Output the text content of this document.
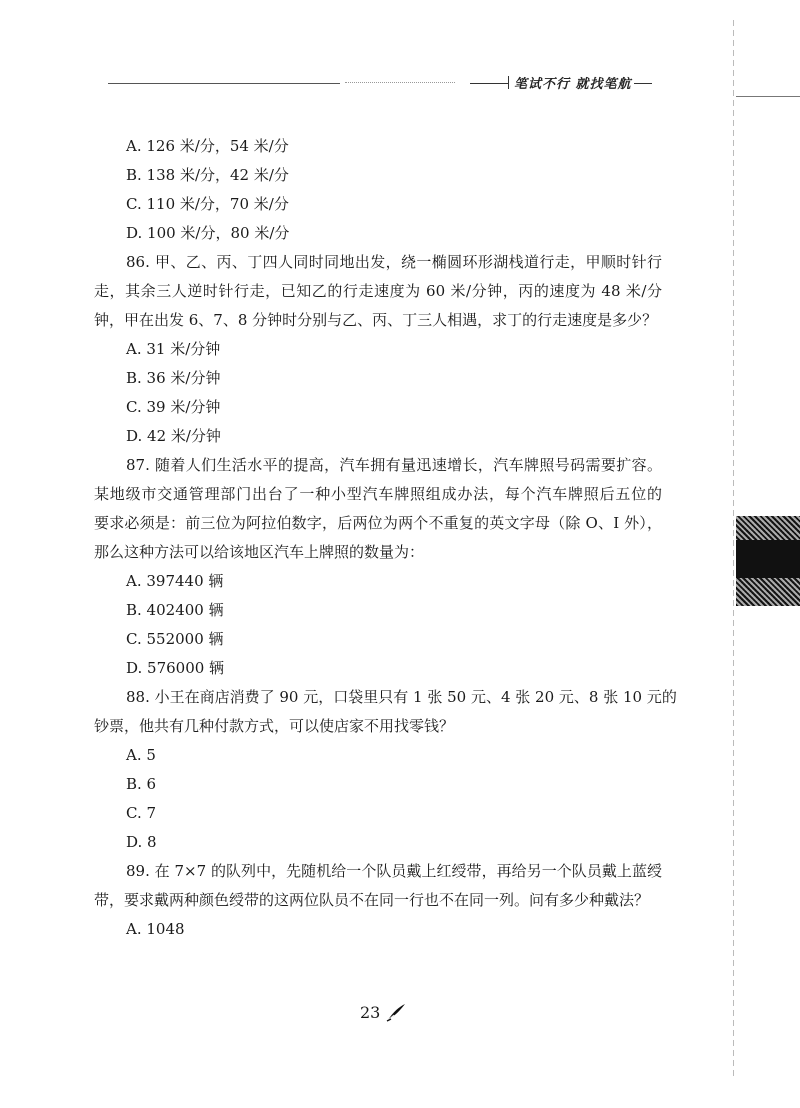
笔试不行 就找笔航
A. 126 米/分，54 米/分
B. 138 米/分，42 米/分
C. 110 米/分，70 米/分
D. 100 米/分，80 米/分
86. 甲、乙、丙、丁四人同时同地出发，绕一椭圆环形湖栈道行走，甲顺时针行
走，其余三人逆时针行走，已知乙的行走速度为 60 米/分钟，丙的速度为 48 米/分
钟，甲在出发 6、7、8 分钟时分别与乙、丙、丁三人相遇，求丁的行走速度是多少？
A. 31 米/分钟
B. 36 米/分钟
C. 39 米/分钟
D. 42 米/分钟
87. 随着人们生活水平的提高，汽车拥有量迅速增长，汽车牌照号码需要扩容。
某地级市交通管理部门出台了一种小型汽车牌照组成办法，每个汽车牌照后五位的
要求必须是：前三位为阿拉伯数字，后两位为两个不重复的英文字母（除 O、I 外），
那么这种方法可以给该地区汽车上牌照的数量为：
A. 397440 辆
B. 402400 辆
C. 552000 辆
D. 576000 辆
88. 小王在商店消费了 90 元，口袋里只有 1 张 50 元、4 张 20 元、8 张 10 元的
钞票，他共有几种付款方式，可以使店家不用找零钱？
A. 5
B. 6
C. 7
D. 8
89. 在 7×7 的队列中，先随机给一个队员戴上红绶带，再给另一个队员戴上蓝绶
带，要求戴两种颜色绶带的这两位队员不在同一行也不在同一列。问有多少种戴法？
A. 1048
23
